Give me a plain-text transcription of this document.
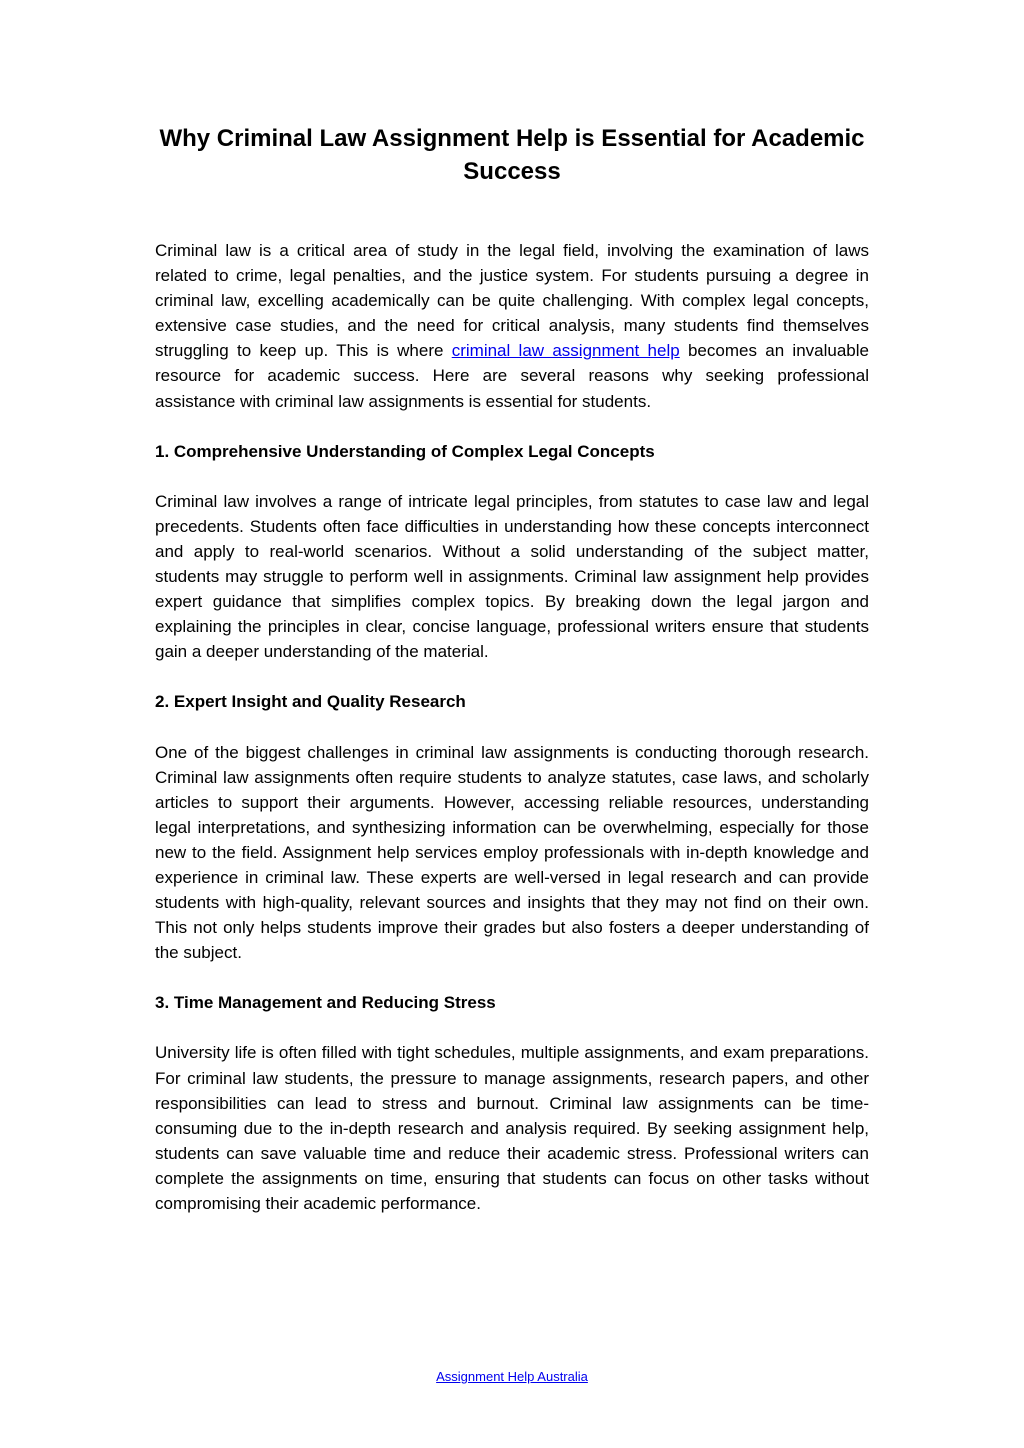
Why Criminal Law Assignment Help is Essential for Academic Success

Criminal law is a critical area of study in the legal field, involving the examination of laws related to crime, legal penalties, and the justice system. For students pursuing a degree in criminal law, excelling academically can be quite challenging. With complex legal concepts, extensive case studies, and the need for critical analysis, many students find themselves struggling to keep up. This is where criminal law assignment help becomes an invaluable resource for academic success. Here are several reasons why seeking professional assistance with criminal law assignments is essential for students.

1. Comprehensive Understanding of Complex Legal Concepts

Criminal law involves a range of intricate legal principles, from statutes to case law and legal precedents. Students often face difficulties in understanding how these concepts interconnect and apply to real-world scenarios. Without a solid understanding of the subject matter, students may struggle to perform well in assignments. Criminal law assignment help provides expert guidance that simplifies complex topics. By breaking down the legal jargon and explaining the principles in clear, concise language, professional writers ensure that students gain a deeper understanding of the material.

2. Expert Insight and Quality Research

One of the biggest challenges in criminal law assignments is conducting thorough research. Criminal law assignments often require students to analyze statutes, case laws, and scholarly articles to support their arguments. However, accessing reliable resources, understanding legal interpretations, and synthesizing information can be overwhelming, especially for those new to the field. Assignment help services employ professionals with in-depth knowledge and experience in criminal law. These experts are well-versed in legal research and can provide students with high-quality, relevant sources and insights that they may not find on their own. This not only helps students improve their grades but also fosters a deeper understanding of the subject.

3. Time Management and Reducing Stress

University life is often filled with tight schedules, multiple assignments, and exam preparations. For criminal law students, the pressure to manage assignments, research papers, and other responsibilities can lead to stress and burnout. Criminal law assignments can be time-consuming due to the in-depth research and analysis required. By seeking assignment help, students can save valuable time and reduce their academic stress. Professional writers can complete the assignments on time, ensuring that students can focus on other tasks without compromising their academic performance.

Assignment Help Australia
